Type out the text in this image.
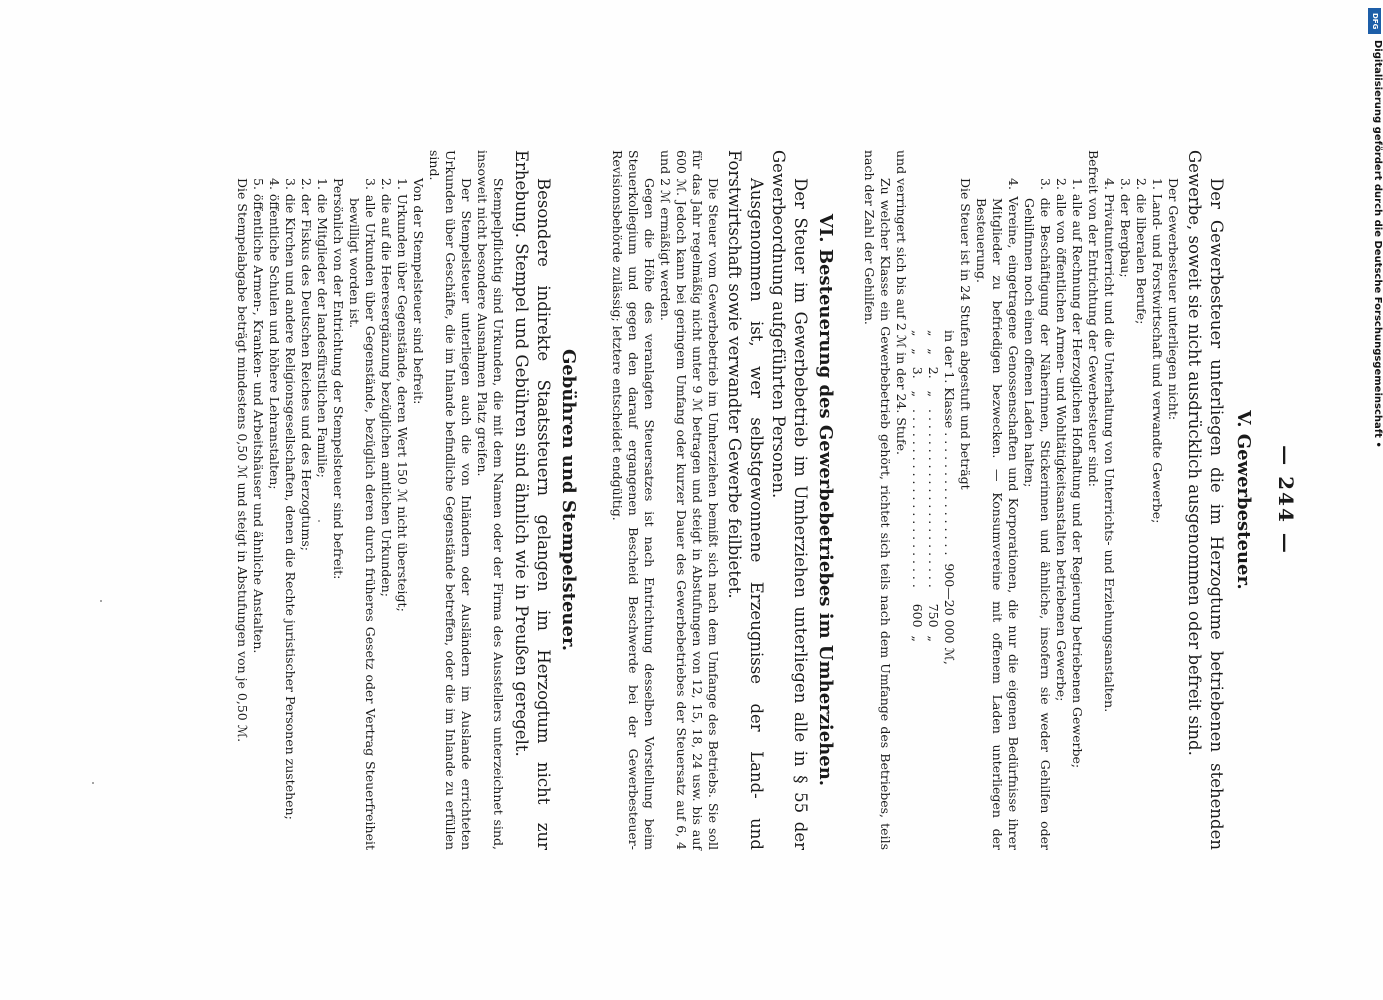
— 244 —

V. Gewerbesteuer.

Der Gewerbesteuer unterliegen die im Herzogtume betriebenen stehenden Gewerbe, soweit sie nicht ausdrücklich ausgenommen oder befreit sind.

Der Gewerbesteuer unterliegen nicht:

1. Land- und Forstwirtschaft und verwandte Gewerbe;

2. die liberalen Berufe;

3. der Bergbau;

4. Privatunterricht und die Unterhaltung von Unterrichts- und Erziehungsanstalten.

Befreit von der Entrichtung der Gewerbesteuer sind:

1. alle auf Rechnung der Herzoglichen Hofhaltung und der Regierung betriebenen Gewerbe;

2. alle von öffentlichen Armen- und Wohltätigkeitsanstalten betriebenen Gewerbe;

3. die Beschäftigung der Näherinnen, Stickerinnen und ähnliche, insofern sie weder Gehilfen oder Gehilfinnen noch einen offenen Laden halten;

4. Vereine, eingetragene Genossenschaften und Korporationen, die nur die eigenen Bedürfnisse ihrer Mitglieder zu befriedigen bezwecken. — Konsumvereine mit offenem Laden unterliegen der Besteuerung.

Die Steuer ist in 24 Stufen abgestuft und beträgt

in der 1. Klasse . . . . . . . . . . . . . . . .  900—20 000 ℳ,

„   „   2.   „   . . . . . . . . . . . . . . . . . . . . . . .    750  „

„   „   3.   „   . . . . . . . . . . . . . . . . . . . . . . .    600  „

und verringert sich bis auf 2 ℳ in der 24. Stufe.

Zu welcher Klasse ein Gewerbebetrieb gehört, richtet sich teils nach dem Umfange des Betriebes, teils nach der Zahl der Gehilfen.

VI. Besteuerung des Gewerbebetriebes im Umherziehen.

Der Steuer im Gewerbebetrieb im Umherziehen unterliegen alle in § 55 der Gewerbeordnung aufgeführten Personen.

Ausgenommen ist, wer selbstgewonnene Erzeugnisse der Land- und Forstwirtschaft sowie verwandter Gewerbe feilbietet.

Die Steuer vom Gewerbebetrieb im Umherziehen bemißt sich nach dem Umfange des Betriebs. Sie soll für das Jahr regelmäßig nicht unter 9 ℳ betragen und steigt in Abstufungen von 12, 15, 18, 24 usw. bis auf 600 ℳ. Jedoch kann bei geringem Umfang oder kurzer Dauer des Gewerbebetriebes der Steuersatz auf 6, 4 und 2 ℳ ermäßigt werden.

Gegen die Höhe des veranlagten Steuersatzes ist nach Entrichtung desselben Vorstellung beim Steuerkollegium und gegen den darauf ergangenen Bescheid Beschwerde bei der Gewerbesteuer-Revisionsbehörde zulässig; letztere entscheidet endgültig.

Gebühren und Stempelsteuer.

Besondere indirekte Staatssteuern gelangen im Herzogtum nicht zur Erhebung. Stempel und Gebühren sind ähnlich wie in Preußen geregelt.

Stempelpflichtig sind Urkunden, die mit dem Namen oder der Firma des Ausstellers unterzeichnet sind, insoweit nicht besondere Ausnahmen Platz greifen.

Der Stempelsteuer unterliegen auch die von Inländern oder Ausländern im Auslande errichteten Urkunden über Geschäfte, die im Inlande befindliche Gegenstände betreffen, oder die im Inlande zu erfüllen sind.

Von der Stempelsteuer sind befreit:

1. Urkunden über Gegenstände, deren Wert 150 ℳ nicht übersteigt;

2. die auf die Heeresergänzung bezüglichen amtlichen Urkunden;

3. alle Urkunden über Gegenstände, bezüglich deren durch früheres Gesetz oder Vertrag Steuerfreiheit bewilligt worden ist.

Persönlich von der Entrichtung der Stempelsteuer sind befreit:

1. die Mitglieder der landesfürstlichen Familie;

2. der Fiskus des Deutschen Reiches und des Herzogtums;

3. die Kirchen und andere Religionsgesellschaften, denen die Rechte juristischer Personen zustehen;

4. öffentliche Schulen und höhere Lehranstalten;

5. öffentliche Armen-, Kranken- und Arbeitshäuser und ähnliche Anstalten.

Die Stempelabgabe beträgt mindestens 0,50 ℳ und steigt in Abstufungen von je 0,50 ℳ.

DFG
Digitalisierung gefördert durch die Deutsche Forschungsgemeinschaft •
